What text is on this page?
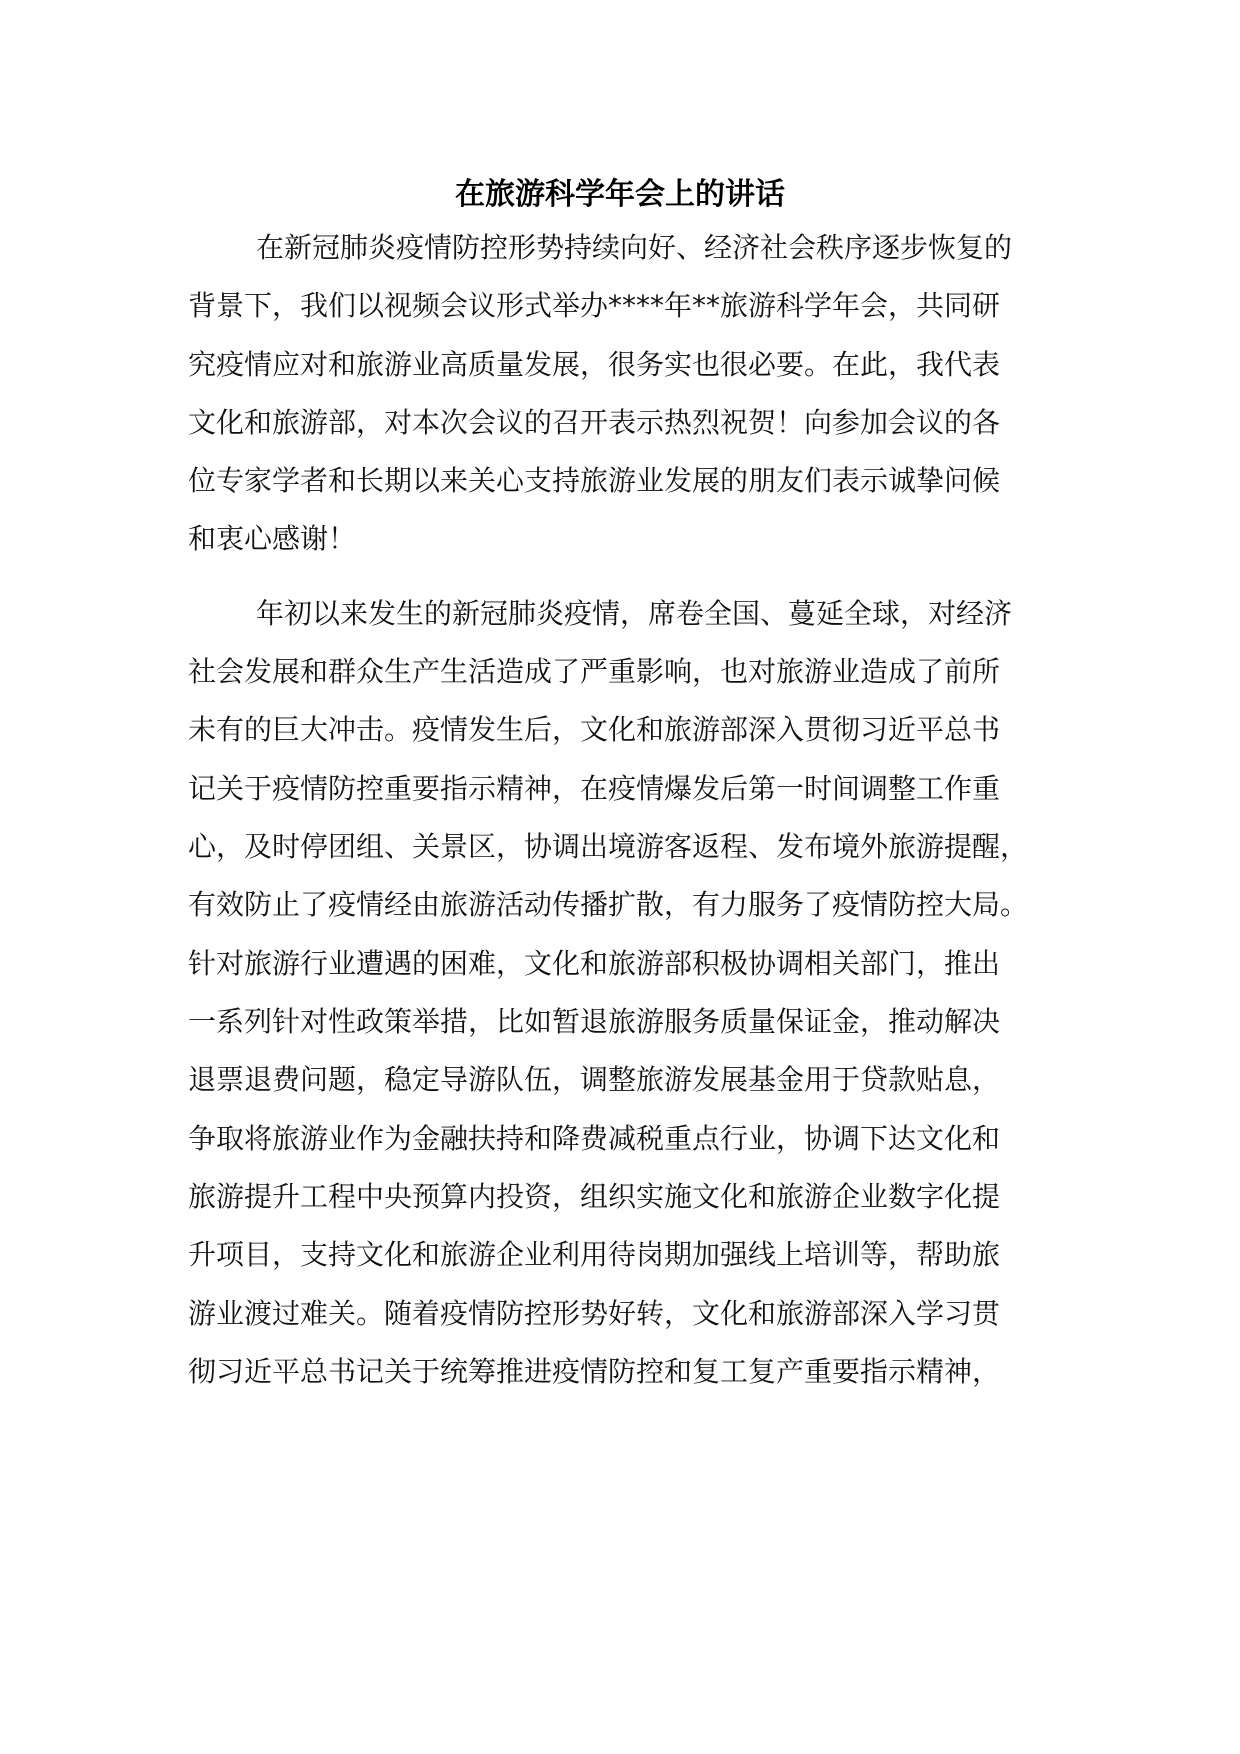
在旅游科学年会上的讲话

在新冠肺炎疫情防控形势持续向好、经济社会秩序逐步恢复的

背景下，我们以视频会议形式举办****年**旅游科学年会，共同研

究疫情应对和旅游业高质量发展，很务实也很必要。在此，我代表

文化和旅游部，对本次会议的召开表示热烈祝贺！向参加会议的各

位专家学者和长期以来关心支持旅游业发展的朋友们表示诚挚问候

和衷心感谢！

年初以来发生的新冠肺炎疫情，席卷全国、蔓延全球，对经济

社会发展和群众生产生活造成了严重影响，也对旅游业造成了前所

未有的巨大冲击。疫情发生后，文化和旅游部深入贯彻习近平总书

记关于疫情防控重要指示精神，在疫情爆发后第一时间调整工作重

心，及时停团组、关景区，协调出境游客返程、发布境外旅游提醒，

有效防止了疫情经由旅游活动传播扩散，有力服务了疫情防控大局。

针对旅游行业遭遇的困难，文化和旅游部积极协调相关部门，推出

一系列针对性政策举措，比如暂退旅游服务质量保证金，推动解决

退票退费问题，稳定导游队伍，调整旅游发展基金用于贷款贴息，

争取将旅游业作为金融扶持和降费减税重点行业，协调下达文化和

旅游提升工程中央预算内投资，组织实施文化和旅游企业数字化提

升项目，支持文化和旅游企业利用待岗期加强线上培训等，帮助旅

游业渡过难关。随着疫情防控形势好转，文化和旅游部深入学习贯

彻习近平总书记关于统筹推进疫情防控和复工复产重要指示精神，
